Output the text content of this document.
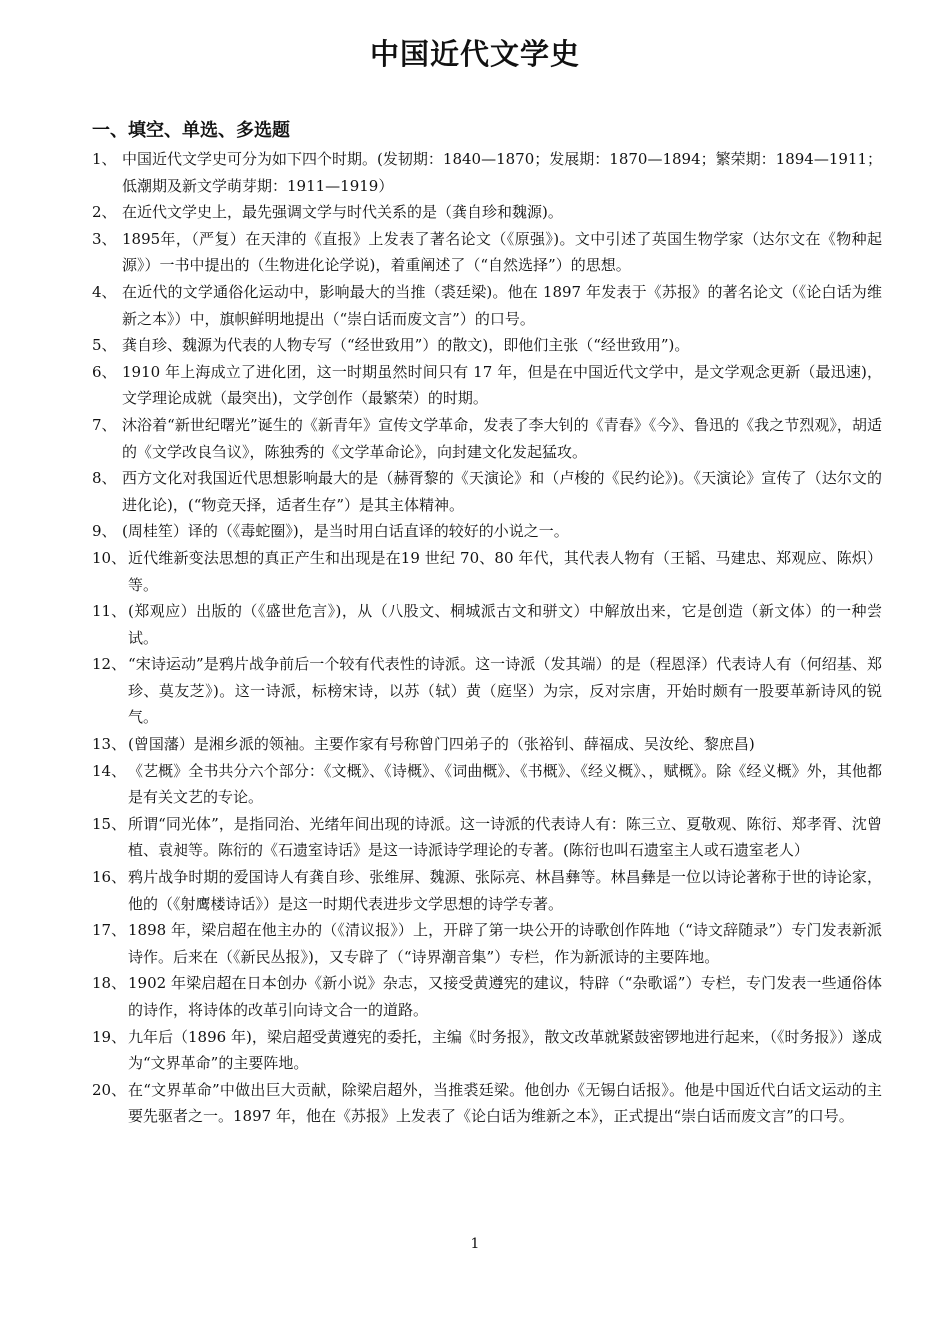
中国近代文学史
一、填空、单选、多选题
1、 中国近代文学史可分为如下四个时期。(发韧期：1840—1870；发展期：1870—1894；繁荣期：1894—1911；低潮期及新文学萌芽期：1911—1919）
2、 在近代文学史上，最先强调文学与时代关系的是（龚自珍和魏源)。
3、 1895年，（严复）在天津的《直报》上发表了著名论文（《原强》)。文中引述了英国生物学家（达尔文在《物种起源》）一书中提出的（生物进化论学说)，着重阐述了（“自然选择”）的思想。
4、 在近代的文学通俗化运动中，影响最大的当推（裘廷梁)。他在 1897 年发表于《苏报》的著名论文（《论白话为维新之本》）中，旗帜鲜明地提出（“崇白话而废文言”）的口号。
5、 龚自珍、魏源为代表的人物专写（“经世致用”）的散文)，即他们主张（“经世致用”)。
6、 1910 年上海成立了进化团，这一时期虽然时间只有 17 年，但是在中国近代文学中，是文学观念更新（最迅速)，文学理论成就（最突出)，文学创作（最繁荣）的时期。
7、 沐浴着“新世纪曙光”诞生的《新青年》宣传文学革命，发表了李大钊的《青春》《今》、鲁迅的《我之节烈观》，胡适的《文学改良刍议》，陈独秀的《文学革命论》，向封建文化发起猛攻。
8、 西方文化对我国近代思想影响最大的是（赫胥黎的《天演论》和（卢梭的《民约论》)。《天演论》宣传了（达尔文的进化论)，(“物竞天择，适者生存”）是其主体精神。
9、 (周桂笙）译的（《毒蛇圈》)，是当时用白话直译的较好的小说之一。
10、 近代维新变法思想的真正产生和出现是在19 世纪 70、80 年代，其代表人物有（王韬、马建忠、郑观应、陈炽）等。
11、 (郑观应）出版的（《盛世危言》)，从（八股文、桐城派古文和骈文）中解放出来，它是创造（新文体）的一种尝试。
12、 “宋诗运动”是鸦片战争前后一个较有代表性的诗派。这一诗派（发其端）的是（程恩泽）代表诗人有（何绍基、郑珍、莫友芝》)。这一诗派，标榜宋诗，以苏（轼）黄（庭坚）为宗，反对宗唐，开始时颇有一股要革新诗风的锐气。
13、 (曾国藩）是湘乡派的领袖。主要作家有号称曾门四弟子的（张裕钊、薛福成、吴汝纶、黎庶昌)
14、 《艺概》全书共分六个部分：《文概》、《诗概》、《词曲概》、《书概》、《经义概》、，赋概》。除《经义概》外，其他都是有关文艺的专论。
15、 所谓“同光体”，是指同治、光绪年间出现的诗派。这一诗派的代表诗人有：陈三立、夏敬观、陈衍、郑孝胥、沈曾植、袁昶等。陈衍的《石遗室诗话》是这一诗派诗学理论的专著。(陈衍也叫石遗室主人或石遗室老人）
16、 鸦片战争时期的爱国诗人有龚自珍、张维屏、魏源、张际亮、林昌彝等。林昌彝是一位以诗论著称于世的诗论家，他的（《射鹰楼诗话》）是这一时期代表进步文学思想的诗学专著。
17、 1898 年，梁启超在他主办的（《清议报》）上，开辟了第一块公开的诗歌创作阵地（“诗文辞随录”）专门发表新派诗作。后来在（《新民丛报》)，又专辟了（“诗界潮音集”）专栏，作为新派诗的主要阵地。
18、 1902 年梁启超在日本创办《新小说》杂志，又接受黄遵宪的建议，特辟（“杂歌谣”）专栏，专门发表一些通俗体的诗作，将诗体的改革引向诗文合一的道路。
19、 九年后（1896 年)，梁启超受黄遵宪的委托，主编《时务报》，散文改革就紧鼓密锣地进行起来，（《时务报》）遂成为“文界革命”的主要阵地。
20、 在“文界革命”中做出巨大贡献，除梁启超外，当推裘廷梁。他创办《无锡白话报》。他是中国近代白话文运动的主要先驱者之一。1897 年，他在《苏报》上发表了《论白话为维新之本》，正式提出“崇白话而废文言”的口号。
1
